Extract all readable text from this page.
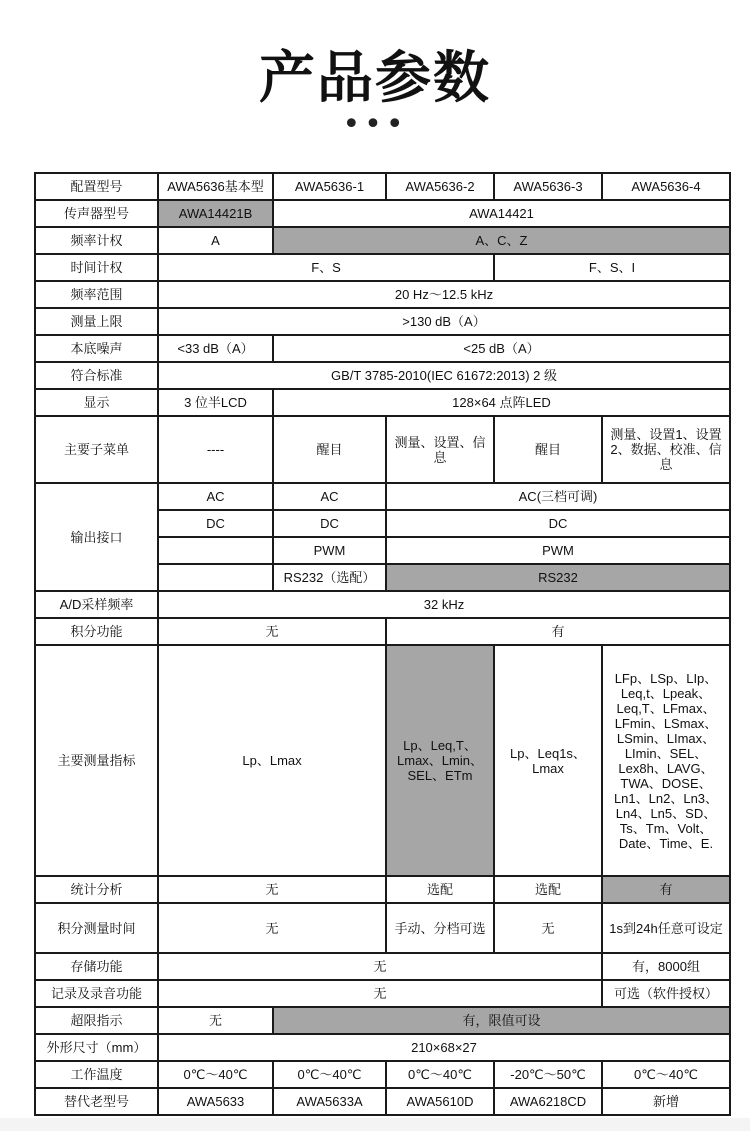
产品参数
•••
配置型号	AWA5636基本型	AWA5636-1	AWA5636-2	AWA5636-3	AWA5636-4
传声器型号	AWA14421B	AWA14421			
频率计权	A	A、C、Z			
时间计权	F、S			F、S、I	
频率范围	20 Hz～12.5 kHz				
测量上限	>130 dB（A）				
本底噪声	<33 dB（A）	<25 dB（A）			
符合标准	GB/T 3785-2010(IEC 61672:2013) 2 级				
显示	3 位半LCD	128×64 点阵LED			
主要子菜单	----	醒目	测量、设置、信息	醒目	测量、设置1、设置2、数据、校准、信息
输出接口	AC	AC	AC(三档可调)		
	DC	DC	DC		
		PWM	PWM		
		RS232（选配）	RS232		
A/D采样频率	32 kHz				
积分功能	无		有		
主要测量指标	Lp、Lmax		Lp、Leq,T、Lmax、Lmin、SEL、ETm	Lp、Leq1s、Lmax	LFp、LSp、LIp、Leq,t、Lpeak、Leq,T、LFmax、LFmin、LSmax、LSmin、LImax、LImin、SEL、Lex8h、LAVG、TWA、DOSE、Ln1、Ln2、Ln3、Ln4、Ln5、SD、Ts、Tm、Volt、Date、Time、E.
统计分析	无		选配	选配	有
积分测量时间	无		手动、分档可选	无	1s到24h任意可设定
存储功能	无				有，8000组
记录及录音功能	无				可选（软件授权）
超限指示	无	有，限值可设			
外形尺寸（mm）	210×68×27				
工作温度	0℃～40℃	0℃～40℃	0℃～40℃	-20℃～50℃	0℃～40℃
替代老型号	AWA5633	AWA5633A	AWA5610D	AWA6218CD	新增
